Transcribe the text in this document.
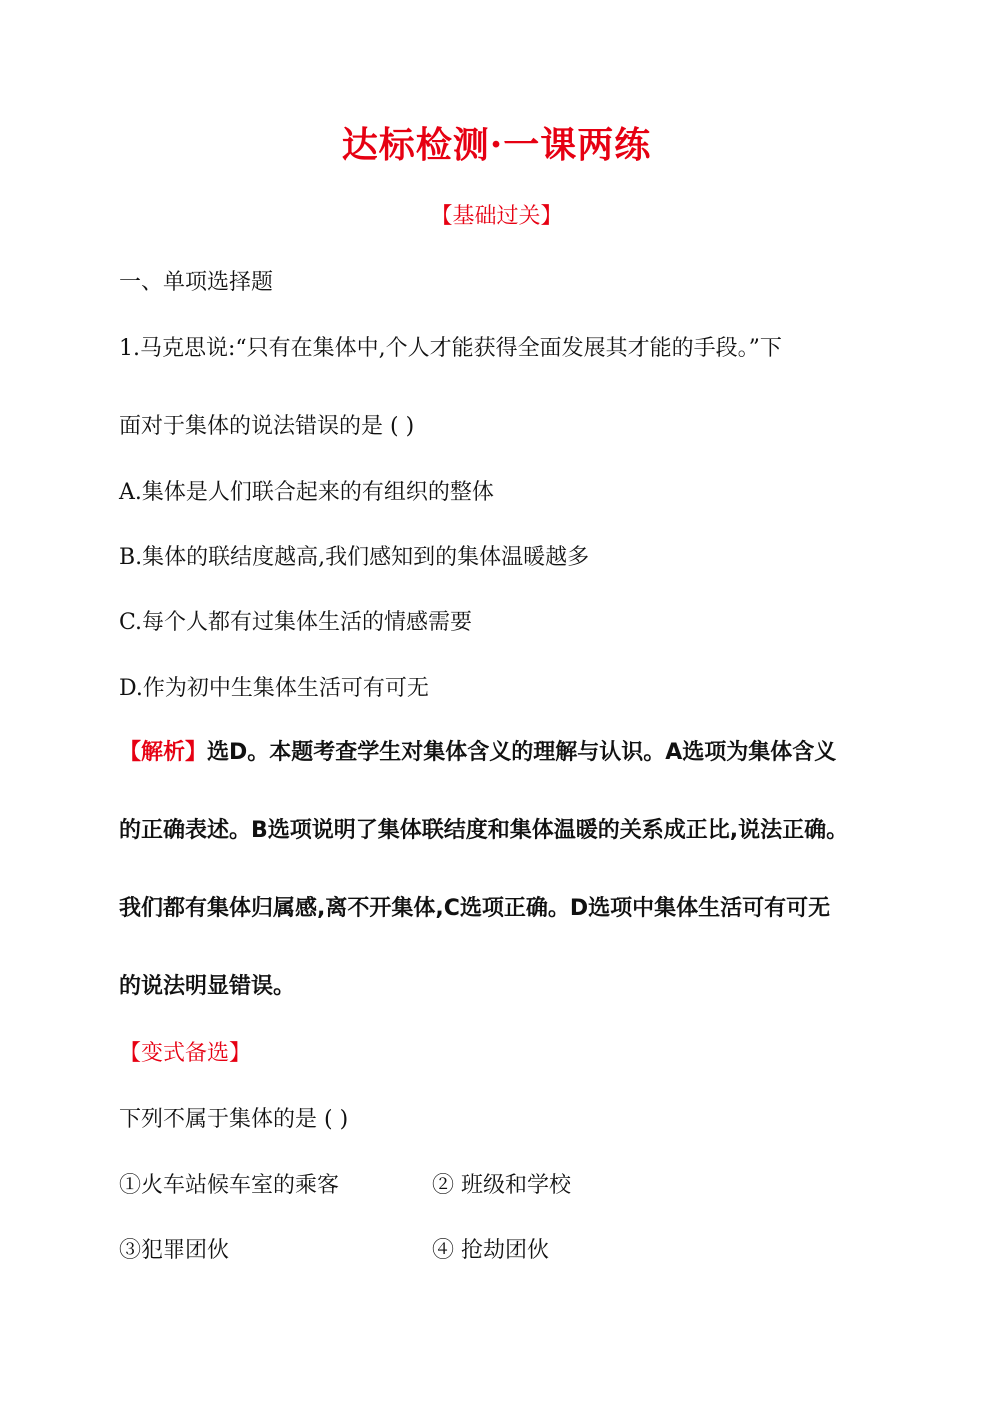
达标检测·一课两练
【基础过关】
一、单项选择题
1.马克思说:“只有在集体中,个人才能获得全面发展其才能的手段。”下
面对于集体的说法错误的是 ( )
A.集体是人们联合起来的有组织的整体
B.集体的联结度越高,我们感知到的集体温暖越多
C.每个人都有过集体生活的情感需要
D.作为初中生集体生活可有可无
【解析】选D。本题考查学生对集体含义的理解与认识。A选项为集体含义
的正确表述。B选项说明了集体联结度和集体温暖的关系成正比,说法正确。
我们都有集体归属感,离不开集体,C选项正确。D选项中集体生活可有可无
的说法明显错误。
【变式备选】
下列不属于集体的是 ( )
①火车站候车室的乘客	② 班级和学校
③犯罪团伙	④ 抢劫团伙
